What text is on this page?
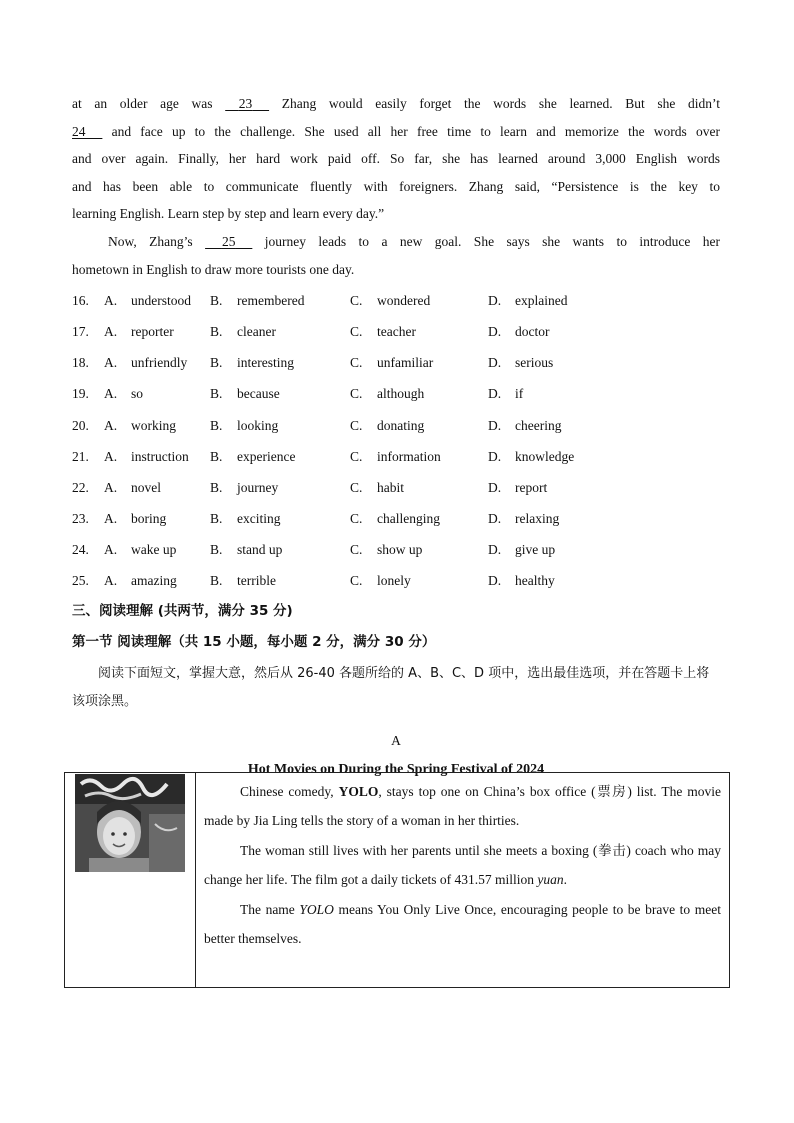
at an older age was 23 Zhang would easily forget the words she learned. But she didn’t
24 and face up to the challenge. She used all her free time to learn and memorize the words over
and over again. Finally, her hard work paid off. So far, she has learned around 3,000 English words
and has been able to communicate fluently with foreigners. Zhang said, “Persistence is the key to
learning English. Learn step by step and learn every day.”
Now, Zhang’s 25 journey leads to a new goal. She says she wants to introduce her
hometown in English to draw more tourists one day.
16.	A. understood	B. remembered	C. wondered	D. explained
17.	A. reporter	B. cleaner	C. teacher	D. doctor
18.	A. unfriendly	B. interesting	C. unfamiliar	D. serious
19.	A. so	B. because	C. although	D. if
20.	A. working	B. looking	C. donating	D. cheering
21.	A. instruction	B. experience	C. information	D. knowledge
22.	A. novel	B. journey	C. habit	D. report
23.	A. boring	B. exciting	C. challenging	D. relaxing
24.	A. wake up	B. stand up	C. show up	D. give up
25.	A. amazing	B. terrible	C. lonely	D. healthy
三、阅读理解 (共两节，满分 35 分)
第一节 阅读理解（共 15 小题，每小题 2 分，满分 30 分）

阅读下面短文，掌握大意，然后从 26-40 各题所给的 A、B、C、D 项中，选出最佳选项，并在答题卡上将该项涂黑。

A
Hot Movies on During the Spring Festival of 2024

Chinese comedy, YOLO, stays top one on China’s box office (票房) list. The movie made by Jia Ling tells the story of a woman in her thirties.

The woman still lives with her parents until she meets a boxing (拳击) coach who may change her life. The film got a daily tickets of 431.57 million yuan.

The name YOLO means You Only Live Once, encouraging people to be brave to meet better themselves.
